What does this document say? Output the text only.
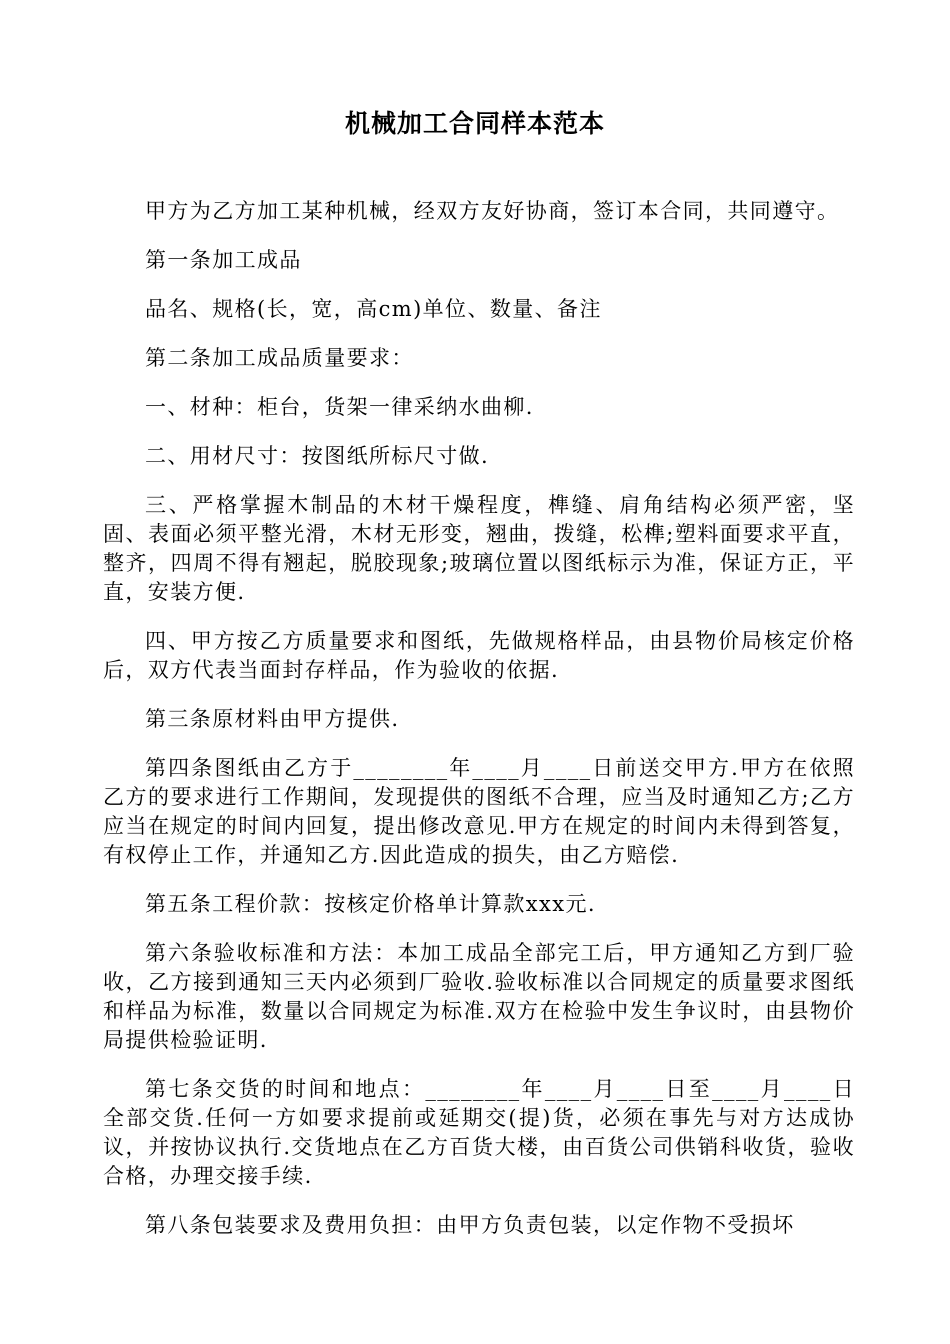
机械加工合同样本范本

甲方为乙方加工某种机械，经双方友好协商，签订本合同，共同遵守。

第一条加工成品

品名、规格(长，宽，高cm)单位、数量、备注

第二条加工成品质量要求：

一、材种：柜台，货架一律采纳水曲柳.

二、用材尺寸：按图纸所标尺寸做.

三、严格掌握木制品的木材干燥程度，榫缝、肩角结构必须严密，坚固、表面必须平整光滑，木材无形变，翘曲，拨缝，松榫;塑料面要求平直，整齐，四周不得有翘起，脱胶现象;玻璃位置以图纸标示为准，保证方正，平直，安装方便.

四、甲方按乙方质量要求和图纸，先做规格样品，由县物价局核定价格后，双方代表当面封存样品，作为验收的依据.

第三条原材料由甲方提供.

第四条图纸由乙方于________年____月____日前送交甲方.甲方在依照乙方的要求进行工作期间，发现提供的图纸不合理，应当及时通知乙方;乙方应当在规定的时间内回复，提出修改意见.甲方在规定的时间内未得到答复，有权停止工作，并通知乙方.因此造成的损失，由乙方赔偿.

第五条工程价款：按核定价格单计算款xxx元.

第六条验收标准和方法：本加工成品全部完工后，甲方通知乙方到厂验收，乙方接到通知三天内必须到厂验收.验收标准以合同规定的质量要求图纸和样品为标准，数量以合同规定为标准.双方在检验中发生争议时，由县物价局提供检验证明.

第七条交货的时间和地点：________年____月____日至____月____日全部交货.任何一方如要求提前或延期交(提)货，必须在事先与对方达成协议，并按协议执行.交货地点在乙方百货大楼，由百货公司供销科收货，验收合格，办理交接手续.

第八条包装要求及费用负担：由甲方负责包装，以定作物不受损坏
